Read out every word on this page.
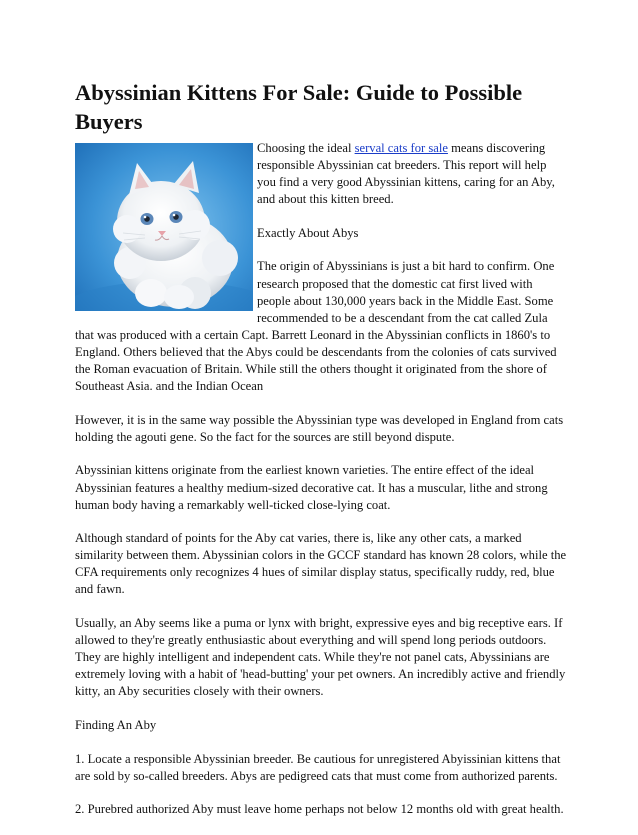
Abyssinian Kittens For Sale: Guide to Possible Buyers

Choosing the ideal serval cats for sale means discovering responsible Abyssinian cat breeders. This report will help you find a very good Abyssinian kittens, caring for an Aby, and about this kitten breed.

Exactly About Abys

The origin of Abyssinians is just a bit hard to confirm. One research proposed that the domestic cat first lived with people about 130,000 years back in the Middle East. Some recommended to be a descendant from the cat called Zula that was produced with a certain Capt. Barrett Leonard in the Abyssinian conflicts in 1860's to England. Others believed that the Abys could be descendants from the colonies of cats survived the Roman evacuation of Britain. While still the others thought it originated from the shore of Southeast Asia. and the Indian Ocean

However, it is in the same way possible the Abyssinian type was developed in England from cats holding the agouti gene. So the fact for the sources are still beyond dispute.

Abyssinian kittens originate from the earliest known varieties. The entire effect of the ideal Abyssinian features a healthy medium-sized decorative cat. It has a muscular, lithe and strong human body having a remarkably well-ticked close-lying coat.

Although standard of points for the Aby cat varies, there is, like any other cats, a marked similarity between them. Abyssinian colors in the GCCF standard has known 28 colors, while the CFA requirements only recognizes 4 hues of similar display status, specifically ruddy, red, blue and fawn.

Usually, an Aby seems like a puma or lynx with bright, expressive eyes and big receptive ears. If allowed to they're greatly enthusiastic about everything and will spend long periods outdoors. They are highly intelligent and independent cats. While they're not panel cats, Abyssinians are extremely loving with a habit of 'head-butting' your pet owners. An incredibly active and friendly kitty, an Aby securities closely with their owners.

Finding An Aby

1. Locate a responsible Abyssinian breeder. Be cautious for unregistered Abyissinian kittens that are sold by so-called breeders. Abys are pedigreed cats that must come from authorized parents.

2. Purebred authorized Aby must leave home perhaps not below 12 months old with great health.
